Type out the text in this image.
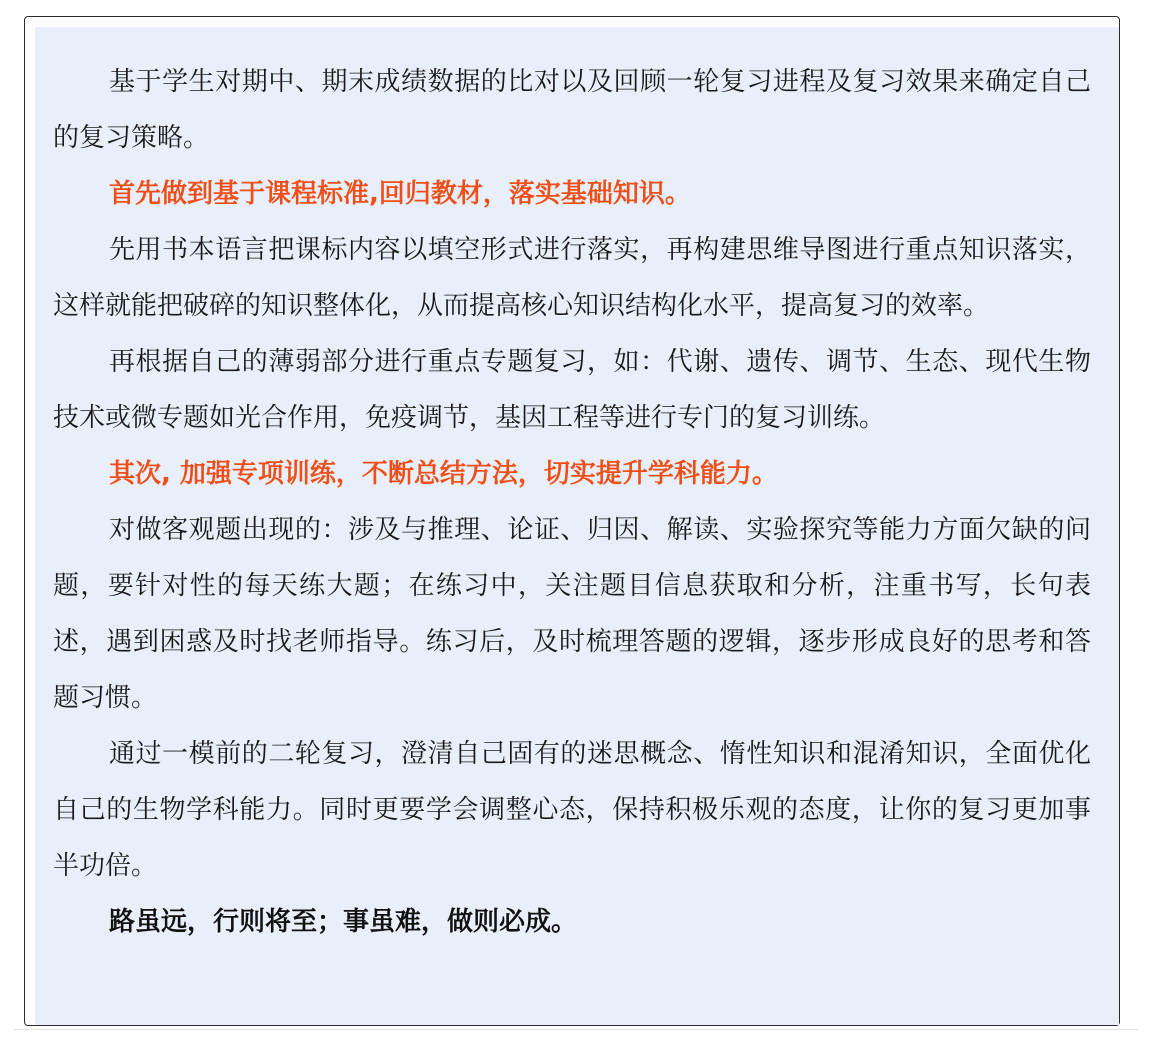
基于学生对期中、期末成绩数据的比对以及回顾一轮复习进程及复习效果来确定自己的复习策略。

首先做到基于课程标准,回归教材，落实基础知识。

先用书本语言把课标内容以填空形式进行落实，再构建思维导图进行重点知识落实，这样就能把破碎的知识整体化，从而提高核心知识结构化水平，提高复习的效率。

再根据自己的薄弱部分进行重点专题复习，如：代谢、遗传、调节、生态、现代生物技术或微专题如光合作用，免疫调节，基因工程等进行专门的复习训练。

其次, 加强专项训练，不断总结方法，切实提升学科能力。

对做客观题出现的：涉及与推理、论证、归因、解读、实验探究等能力方面欠缺的问题，要针对性的每天练大题；在练习中，关注题目信息获取和分析，注重书写，长句表述，遇到困惑及时找老师指导。练习后，及时梳理答题的逻辑，逐步形成良好的思考和答题习惯。

通过一模前的二轮复习，澄清自己固有的迷思概念、惰性知识和混淆知识，全面优化自己的生物学科能力。同时更要学会调整心态，保持积极乐观的态度，让你的复习更加事半功倍。

路虽远，行则将至；事虽难，做则必成。
